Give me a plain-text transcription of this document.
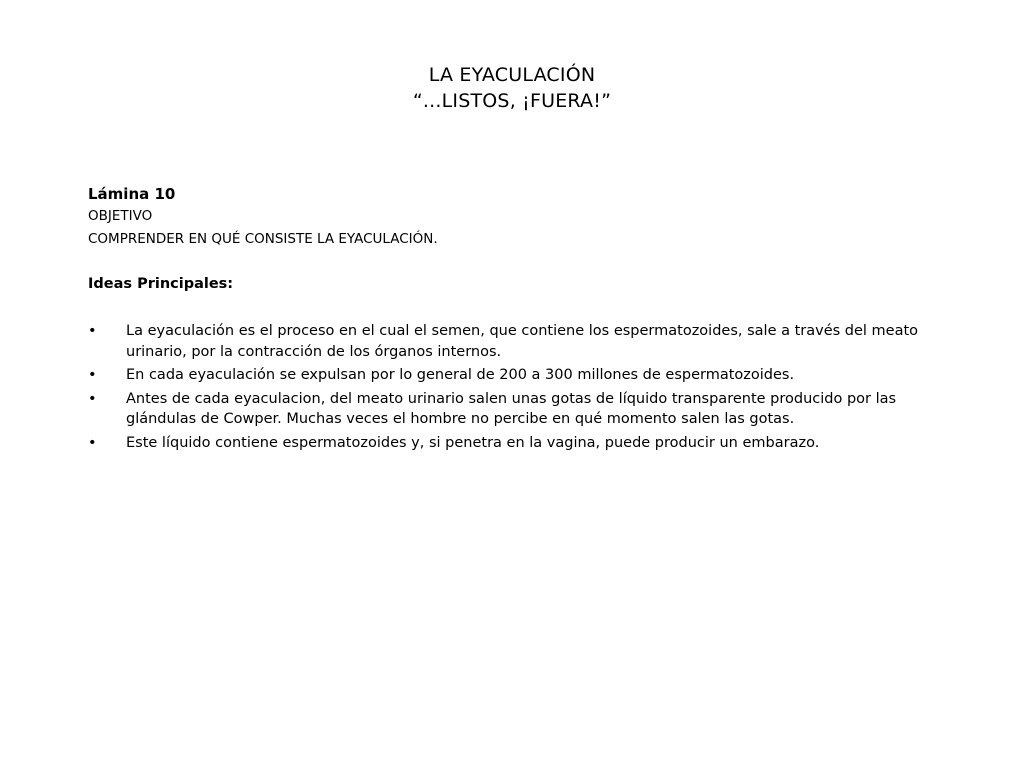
LA EYACULACIÓN
“...LISTOS, ¡FUERA!”
Lámina 10
OBJETIVO
COMPRENDER EN QUÉ CONSISTE LA EYACULACIÓN.
Ideas Principales:
• La eyaculación es el proceso en el cual el semen, que contiene los espermatozoides, sale a través del meato urinario, por la contracción de los órganos internos.
• En cada eyaculación se expulsan por lo general de 200 a 300 millones de espermatozoides.
• Antes de cada eyaculacion, del meato urinario salen unas gotas de líquido transparente producido por las glándulas de Cowper. Muchas veces el hombre no percibe en qué momento salen las gotas.
• Este líquido contiene espermatozoides y, si penetra en la vagina, puede producir un embarazo.
